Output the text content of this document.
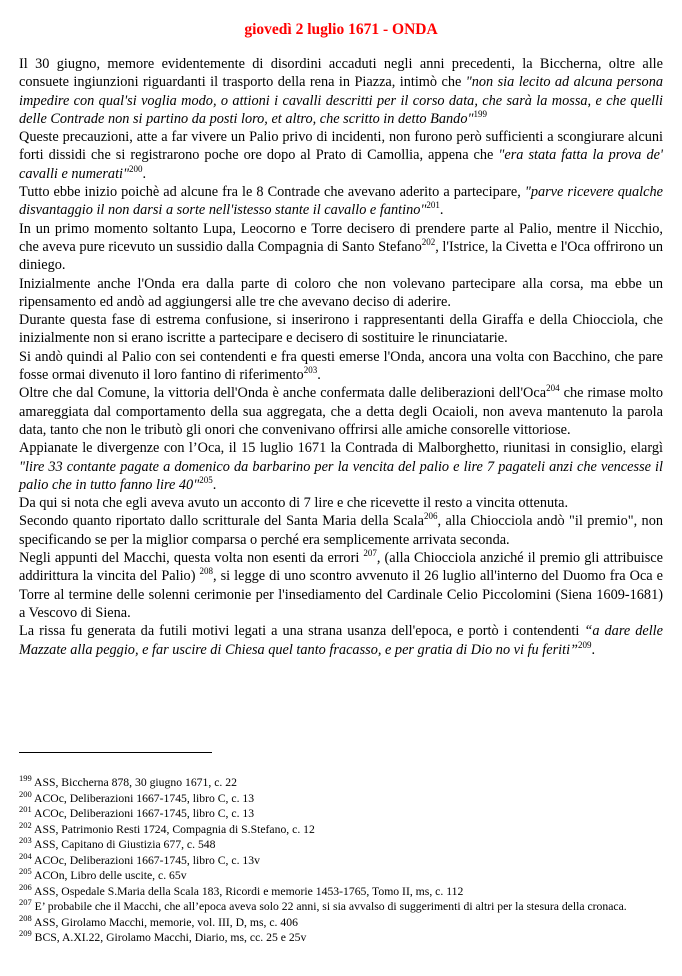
giovedì 2 luglio 1671 - ONDA

Il 30 giugno, memore evidentemente di disordini accaduti negli anni precedenti, la Biccherna, oltre alle consuete ingiunzioni riguardanti il trasporto della rena in Piazza, intimò che "non sia lecito ad alcuna persona impedire con qual'si voglia modo, o attioni i cavalli descritti per il corso data, che sarà la mossa, e che quelli delle Contrade non si partino da posti loro, et altro, che scritto in detto Bando"$^{199}$

Queste precauzioni, atte a far vivere un Palio privo di incidenti, non furono però sufficienti a scongiurare alcuni forti dissidi che si registrarono poche ore dopo al Prato di Camollia, appena che "era stata fatta la prova de' cavalli e numerati"$^{200}$.

Tutto ebbe inizio poichè ad alcune fra le 8 Contrade che avevano aderito a partecipare, "parve ricevere qualche disvantaggio il non darsi a sorte nell'istesso stante il cavallo e fantino"$^{201}$.

In un primo momento soltanto Lupa, Leocorno e Torre decisero di prendere parte al Palio, mentre il Nicchio, che aveva pure ricevuto un sussidio dalla Compagnia di Santo Stefano$^{202}$, l'Istrice, la Civetta e l'Oca offrirono un diniego.

Inizialmente anche l'Onda era dalla parte di coloro che non volevano partecipare alla corsa, ma ebbe un ripensamento ed andò ad aggiungersi alle tre che avevano deciso di aderire.

Durante questa fase di estrema confusione, si inserirono i rappresentanti della Giraffa e della Chiocciola, che inizialmente non si erano iscritte a partecipare e decisero di sostituire le rinunciatarie.

Si andò quindi al Palio con sei contendenti e fra questi emerse l'Onda, ancora una volta con Bacchino, che pare fosse ormai divenuto il loro fantino di riferimento$^{203}$.

Oltre che dal Comune, la vittoria dell'Onda è anche confermata dalle deliberazioni dell'Oca$^{204}$ che rimase molto amareggiata dal comportamento della sua aggregata, che a detta degli Ocaioli, non aveva mantenuto la parola data, tanto che non le tributò gli onori che convenivano offrirsi alle amiche consorelle vittoriose.

Appianate le divergenze con l’Oca, il 15 luglio 1671 la Contrada di Malborghetto, riunitasi in consiglio, elargì "lire 33 contante pagate a domenico da barbarino per la vencita del palio e lire 7 pagateli anzi che vencesse il palio che in tutto fanno lire 40"$^{205}$.

Da qui si nota che egli aveva avuto un acconto di 7 lire e che ricevette il resto a vincita ottenuta.

Secondo quanto riportato dallo scritturale del Santa Maria della Scala$^{206}$, alla Chiocciola andò "il premio", non specificando se per la miglior comparsa o perché era semplicemente arrivata seconda.

Negli appunti del Macchi, questa volta non esenti da errori $^{207}$, (alla Chiocciola anziché il premio gli attribuisce addirittura la vincita del Palio) $^{208}$, si legge di uno scontro avvenuto il 26 luglio all'interno del Duomo fra Oca e Torre al termine delle solenni cerimonie per l'insediamento del Cardinale Celio Piccolomini (Siena 1609-1681) a Vescovo di Siena.

La rissa fu generata da futili motivi legati a una strana usanza dell'epoca, e portò i contendenti “a dare delle Mazzate alla peggio, e far uscire di Chiesa quel tanto fracasso, e per gratia di Dio no vi fu feriti”$^{209}$.

$^{199}$ ASS, Biccherna 878, 30 giugno 1671, c. 22
$^{200}$ ACOc, Deliberazioni 1667-1745, libro C, c. 13
$^{201}$ ACOc, Deliberazioni 1667-1745, libro C, c. 13
$^{202}$ ASS, Patrimonio Resti 1724, Compagnia di S.Stefano, c. 12
$^{203}$ ASS, Capitano di Giustizia 677, c. 548
$^{204}$ ACOc, Deliberazioni 1667-1745, libro C, c. 13v
$^{205}$ ACOn, Libro delle uscite, c. 65v
$^{206}$ ASS, Ospedale S.Maria della Scala 183, Ricordi e memorie 1453-1765, Tomo II, ms, c. 112
$^{207}$ E’ probabile che il Macchi, che all’epoca aveva solo 22 anni, si sia avvalso di suggerimenti di altri per la stesura della cronaca.
$^{208}$ ASS, Girolamo Macchi, memorie, vol. III, D, ms, c. 406
$^{209}$ BCS, A.XI.22, Girolamo Macchi, Diario, ms, cc. 25 e 25v
